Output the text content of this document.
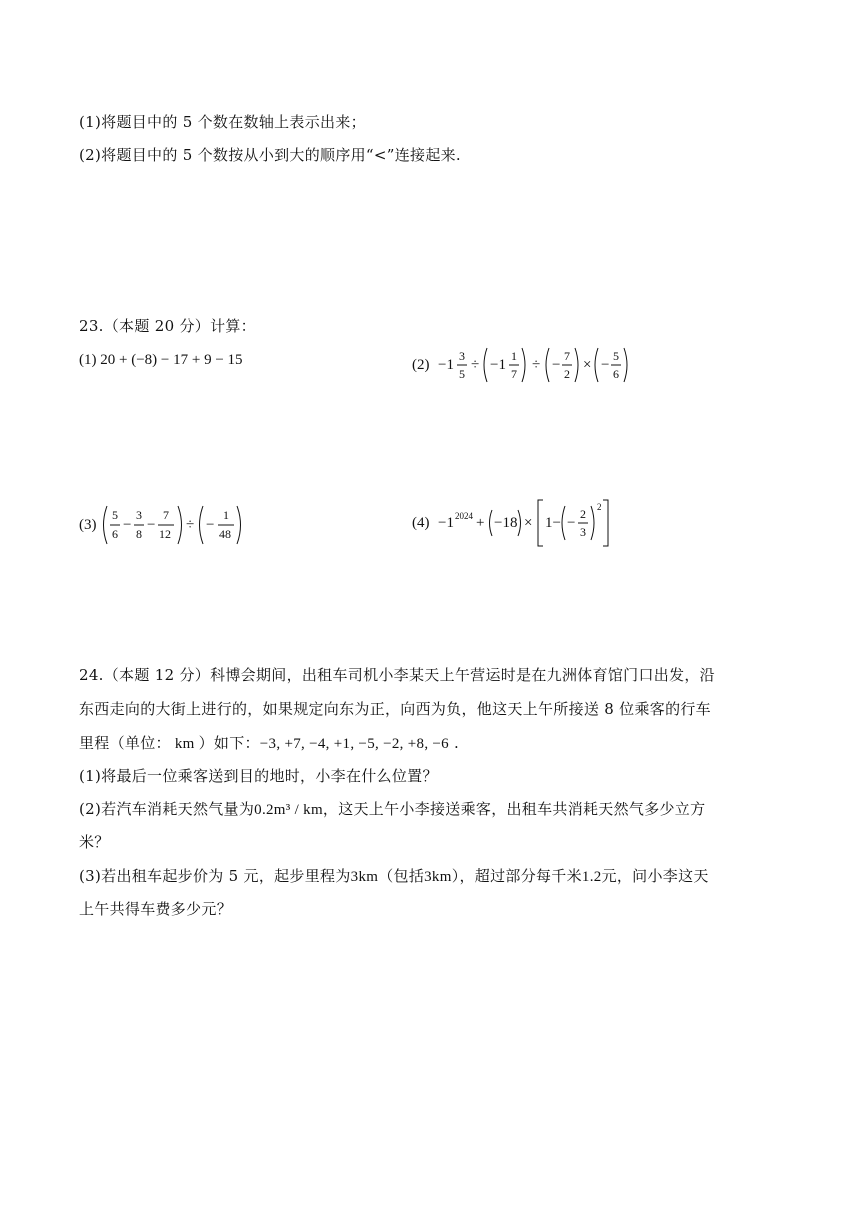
(1)将题目中的 5 个数在数轴上表示出来；
(2)将题目中的 5 个数按从小到大的顺序用“<”连接起来.
23.（本题 20 分）计算：
(1) 20 + (−8) − 17 + 9 − 15	(2) −1
3
5
÷ −1
1
7
÷ −
7
2
× −
5
6
(3)
5
6
−
3
8
−
7
12
÷ −
1
48
(4) −1 2024 + −18 × 1− −
2
3
2
24.（本题 12 分）科博会期间，出租车司机小李某天上午营运时是在九洲体育馆门口出发，沿
东西走向的大街上进行的，如果规定向东为正，向西为负，他这天上午所接送 8 位乘客的行车
里程（单位： km ）如下：−3, +7, −4, +1, −5, −2, +8, −6 .
(1)将最后一位乘客送到目的地时，小李在什么位置？
(2)若汽车消耗天然气量为0.2m³ / km，这天上午小李接送乘客，出租车共消耗天然气多少立方
米？
(3)若出租车起步价为 5 元，起步里程为3km（包括3km），超过部分每千米1.2元，问小李这天
上午共得车费多少元？
